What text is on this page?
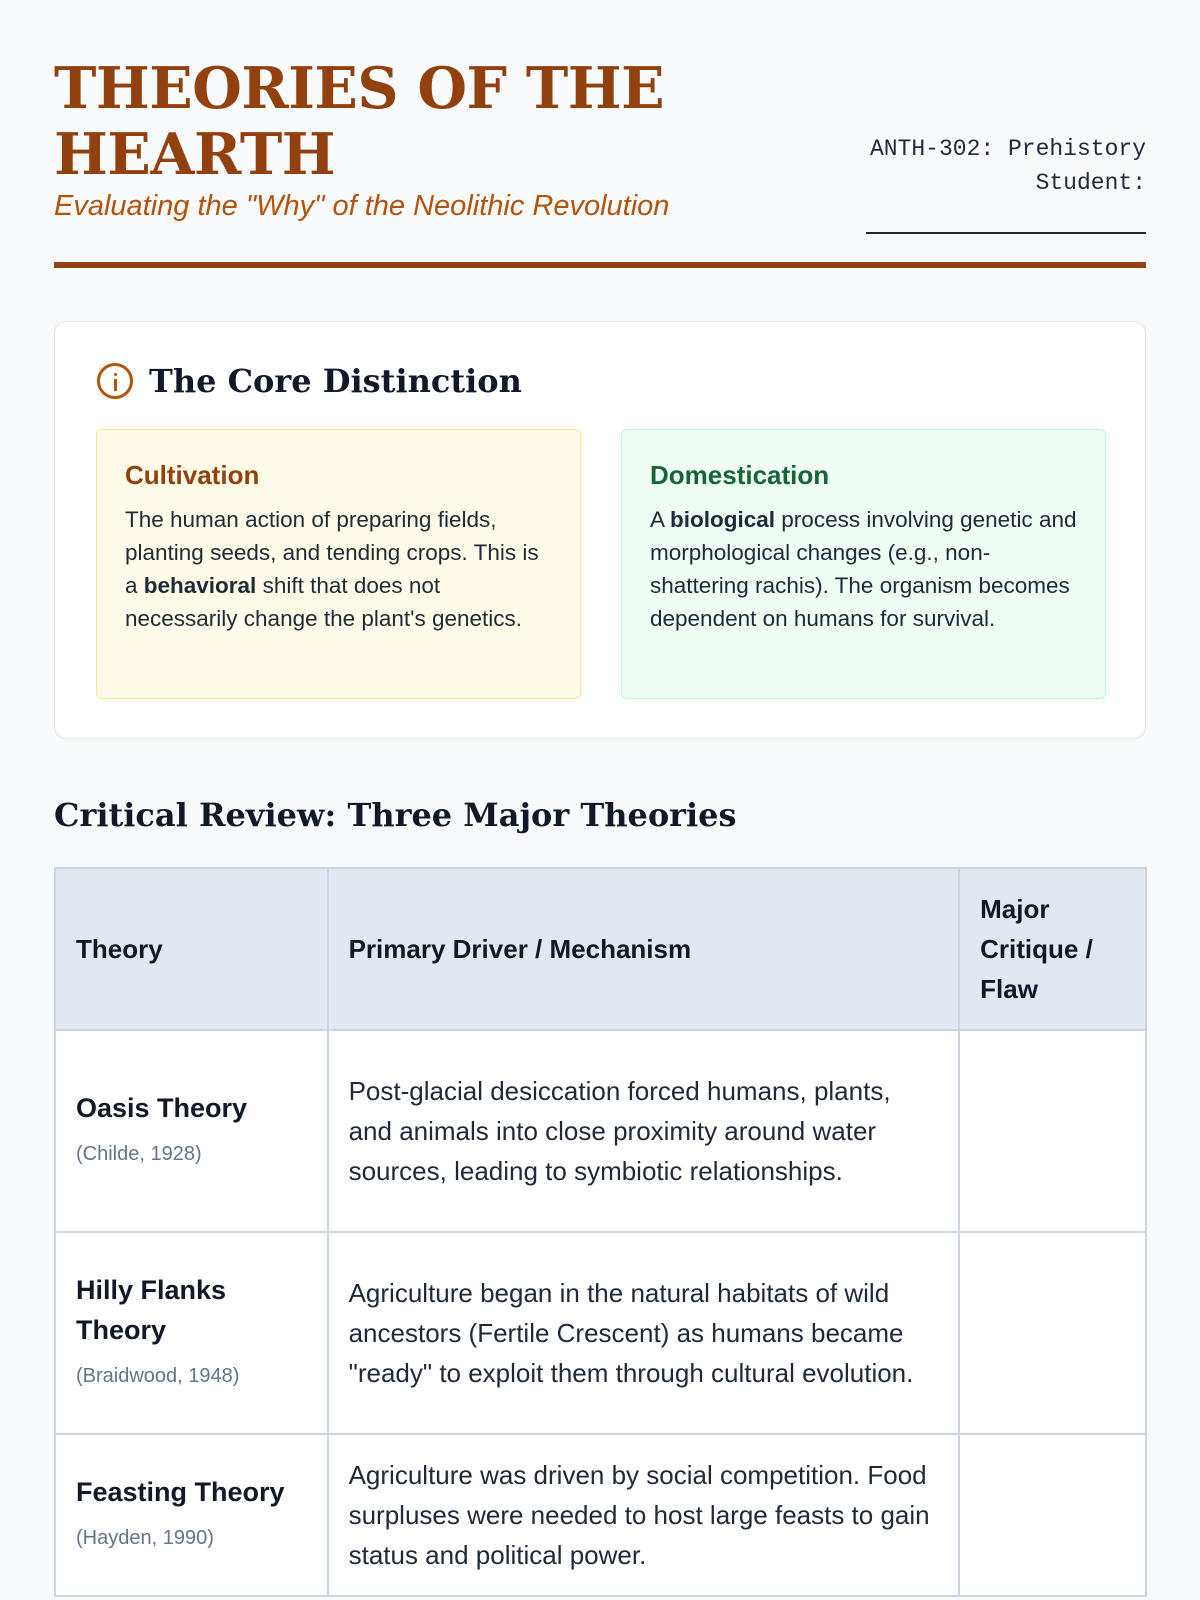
THEORIES OF THE HEARTH
Evaluating the "Why" of the Neolithic Revolution
ANTH-302: Prehistory
Student:
The Core Distinction
Cultivation

The human action of preparing fields, planting seeds, and tending crops. This is a behavioral shift that does not necessarily change the plant's genetics.

Domestication

A biological process involving genetic and morphological changes (e.g., non-shattering rachis). The organism becomes dependent on humans for survival.

Critical Review: Three Major Theories
Theory	Primary Driver / Mechanism	Major Critique / Flaw

Oasis Theory
(Childe, 1928)	Post-glacial desiccation forced humans, plants, and animals into close proximity around water sources, leading to symbiotic relationships.	

Hilly Flanks Theory
(Braidwood, 1948)	Agriculture began in the natural habitats of wild ancestors (Fertile Crescent) as humans became "ready" to exploit them through cultural evolution.	

Feasting Theory
(Hayden, 1990)	Agriculture was driven by social competition. Food surpluses were needed to host large feasts to gain status and political power.	
